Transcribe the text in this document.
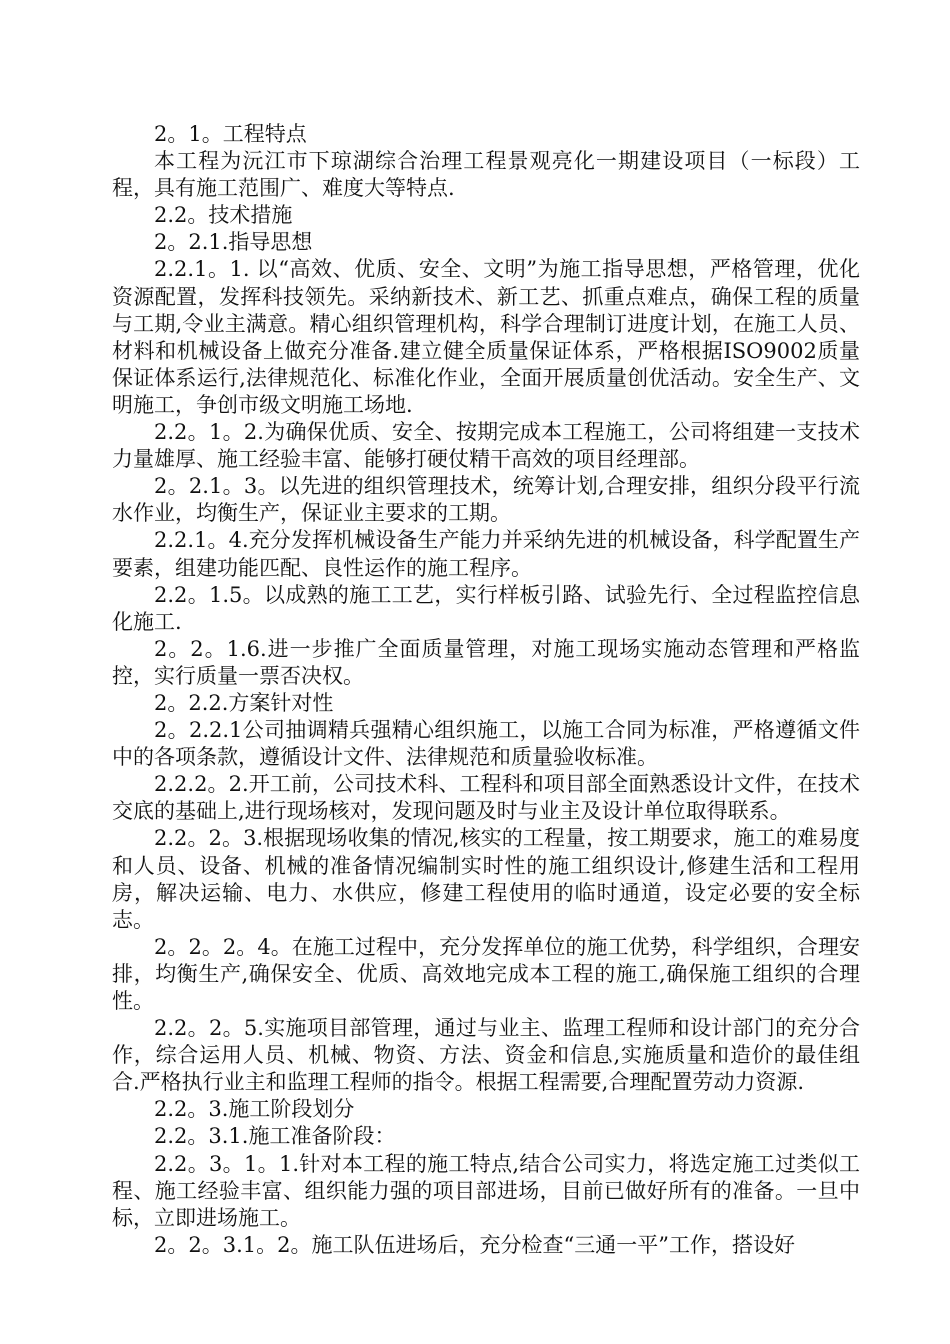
2。1。工程特点

本工程为沅江市下琼湖综合治理工程景观亮化一期建设项目（一标段）工程，具有施工范围广、难度大等特点.

2.2。技术措施

2。2.1.指导思想

2.2.1。1. 以“高效、优质、安全、文明”为施工指导思想，严格管理，优化资源配置，发挥科技领先。采纳新技术、新工艺、抓重点难点，确保工程的质量与工期,令业主满意。精心组织管理机构，科学合理制订进度计划，在施工人员、材料和机械设备上做充分准备.建立健全质量保证体系，严格根据ISO9002质量保证体系运行,法律规范化、标准化作业，全面开展质量创优活动。安全生产、文明施工，争创市级文明施工场地.

2.2。1。2.为确保优质、安全、按期完成本工程施工，公司将组建一支技术力量雄厚、施工经验丰富、能够打硬仗精干高效的项目经理部。

2。2.1。3。以先进的组织管理技术，统筹计划,合理安排，组织分段平行流水作业，均衡生产，保证业主要求的工期。

2.2.1。4.充分发挥机械设备生产能力并采纳先进的机械设备，科学配置生产要素，组建功能匹配、良性运作的施工程序。

2.2。1.5。以成熟的施工工艺，实行样板引路、试验先行、全过程监控信息化施工.

2。2。1.6.进一步推广全面质量管理，对施工现场实施动态管理和严格监控，实行质量一票否决权。

2。2.2.方案针对性

2。2.2.1公司抽调精兵强精心组织施工，以施工合同为标准，严格遵循文件中的各项条款，遵循设计文件、法律规范和质量验收标准。

2.2.2。2.开工前，公司技术科、工程科和项目部全面熟悉设计文件，在技术交底的基础上,进行现场核对，发现问题及时与业主及设计单位取得联系。

2.2。2。3.根据现场收集的情况,核实的工程量，按工期要求，施工的难易度和人员、设备、机械的准备情况编制实时性的施工组织设计,修建生活和工程用房，解决运输、电力、水供应，修建工程使用的临时通道，设定必要的安全标志。

2。2。2。4。在施工过程中，充分发挥单位的施工优势，科学组织，合理安排，均衡生产,确保安全、优质、高效地完成本工程的施工,确保施工组织的合理性。

2.2。2。5.实施项目部管理，通过与业主、监理工程师和设计部门的充分合作，综合运用人员、机械、物资、方法、资金和信息,实施质量和造价的最佳组合.严格执行业主和监理工程师的指令。根据工程需要,合理配置劳动力资源.

2.2。3.施工阶段划分

2.2。3.1.施工准备阶段：

2.2。3。1。1.针对本工程的施工特点,结合公司实力，将选定施工过类似工程、施工经验丰富、组织能力强的项目部进场，目前已做好所有的准备。一旦中标，立即进场施工。

2。2。3.1。2。施工队伍进场后，充分检查“三通一平”工作，搭设好
